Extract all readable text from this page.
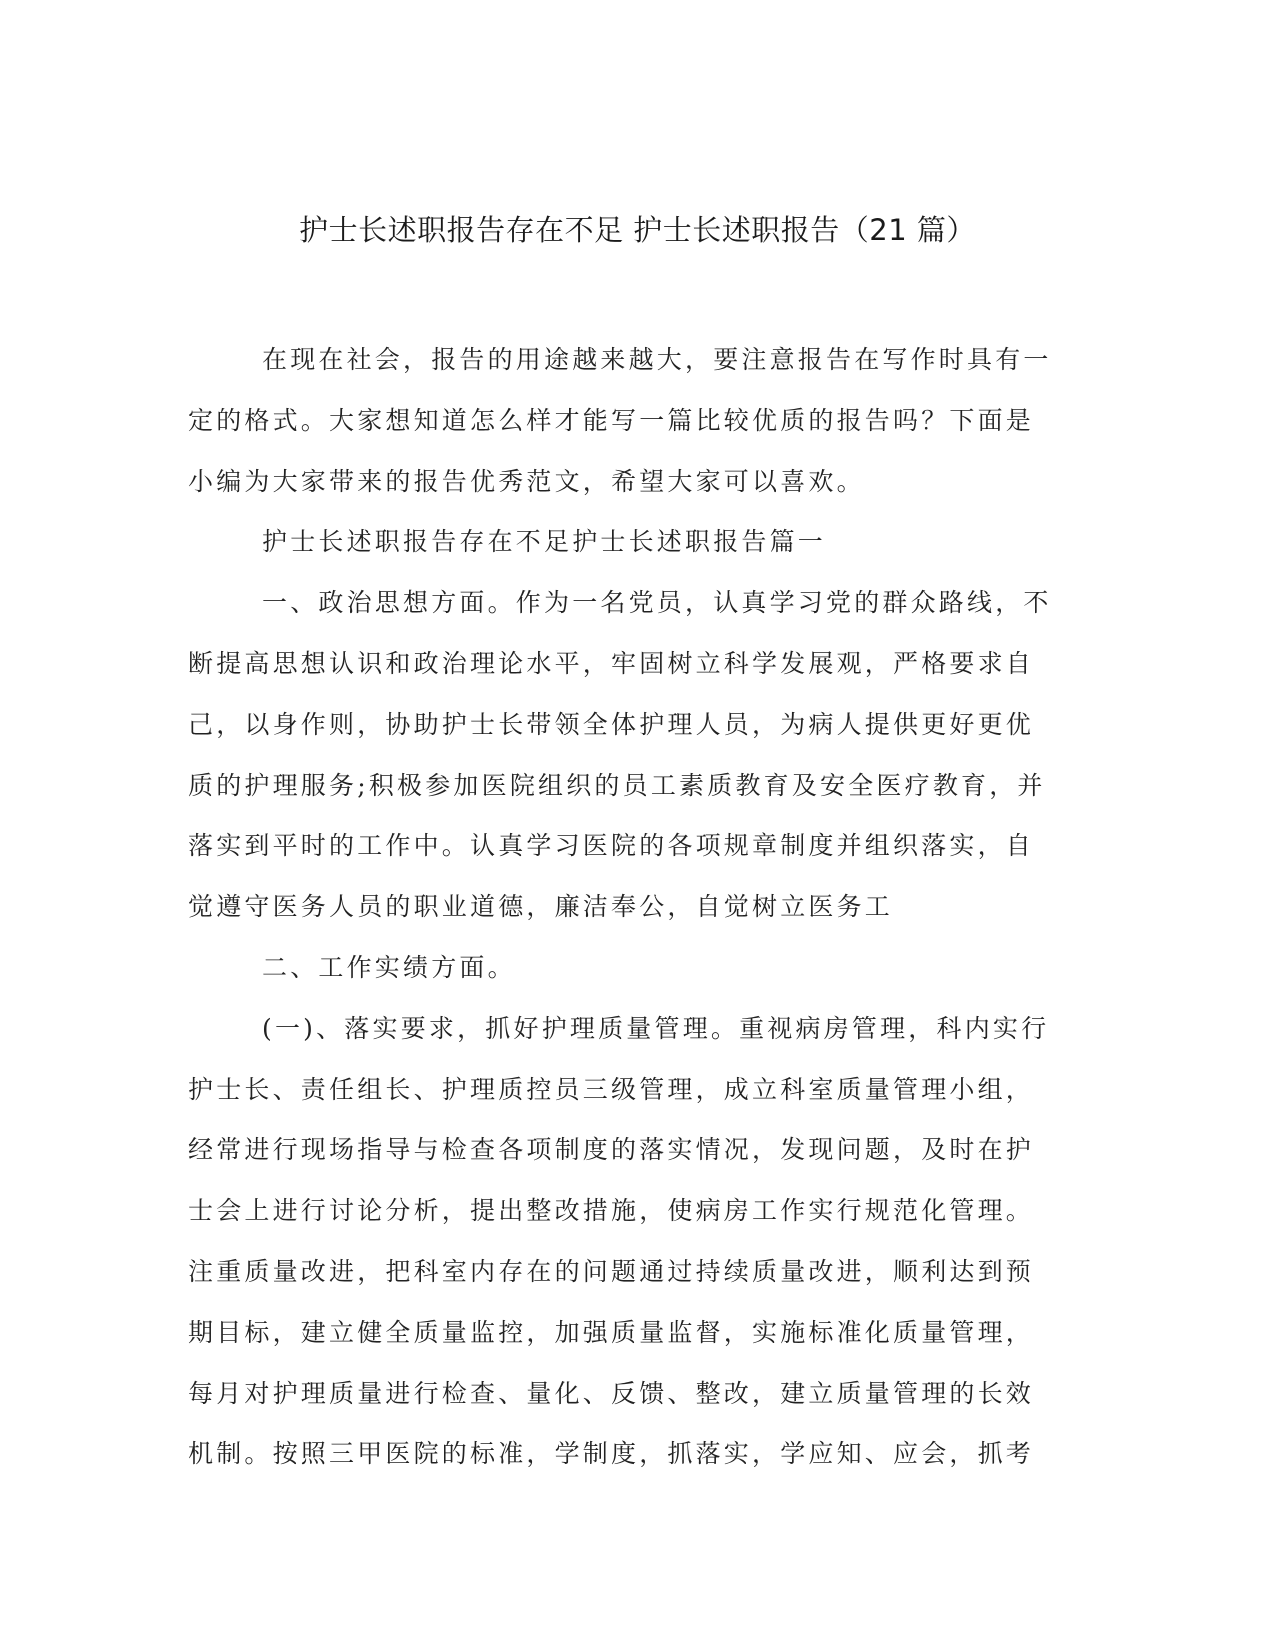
护士长述职报告存在不足 护士长述职报告（21 篇）
在现在社会，报告的用途越来越大，要注意报告在写作时具有一
定的格式。大家想知道怎么样才能写一篇比较优质的报告吗？下面是
小编为大家带来的报告优秀范文，希望大家可以喜欢。
护士长述职报告存在不足护士长述职报告篇一
一、政治思想方面。作为一名党员，认真学习党的群众路线，不
断提高思想认识和政治理论水平，牢固树立科学发展观，严格要求自
己，以身作则，协助护士长带领全体护理人员，为病人提供更好更优
质的护理服务;积极参加医院组织的员工素质教育及安全医疗教育，并
落实到平时的工作中。认真学习医院的各项规章制度并组织落实，自
觉遵守医务人员的职业道德，廉洁奉公，自觉树立医务工
二、工作实绩方面。
(一)、落实要求，抓好护理质量管理。重视病房管理，科内实行
护士长、责任组长、护理质控员三级管理，成立科室质量管理小组，
经常进行现场指导与检查各项制度的落实情况，发现问题，及时在护
士会上进行讨论分析，提出整改措施，使病房工作实行规范化管理。
注重质量改进，把科室内存在的问题通过持续质量改进，顺利达到预
期目标，建立健全质量监控，加强质量监督，实施标准化质量管理，
每月对护理质量进行检查、量化、反馈、整改，建立质量管理的长效
机制。按照三甲医院的标准，学制度，抓落实，学应知、应会，抓考
